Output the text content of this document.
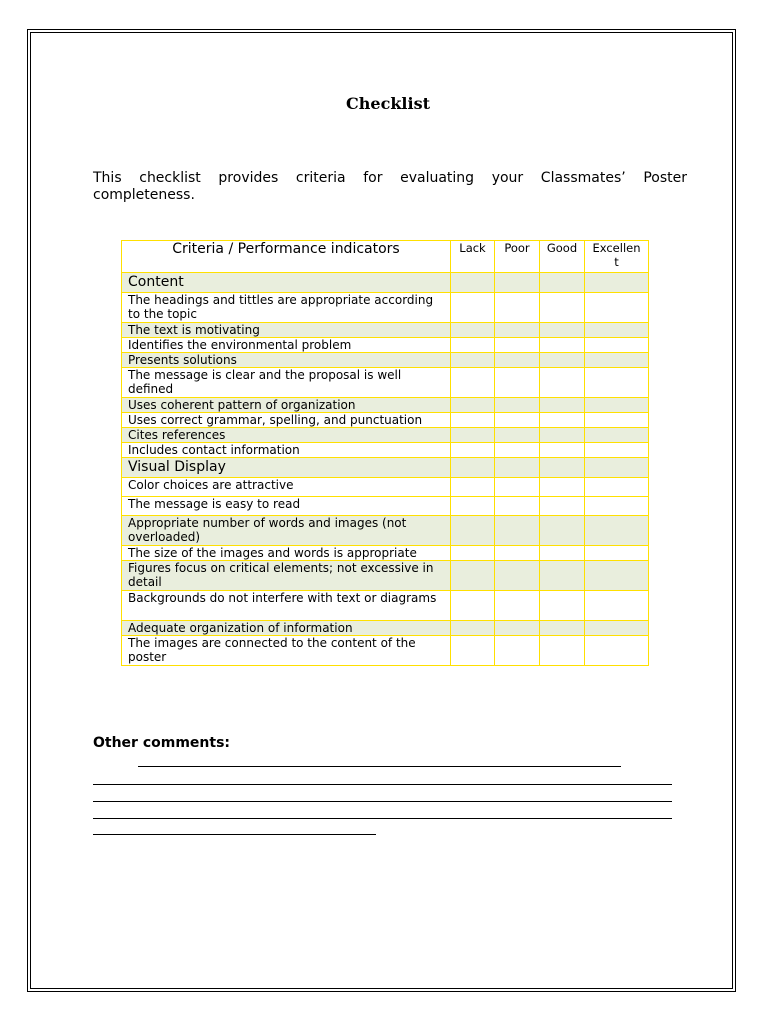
Checklist
This checklist provides criteria for evaluating your Classmates’ Poster completeness.
Criteria / Performance indicators	Lack	Poor	Good	Excellent
Content				
The headings and tittles are appropriate according to the topic				
The text is motivating				
Identifies the environmental problem				
Presents solutions				
The message is clear and the proposal is well defined				
Uses coherent pattern of organization				
Uses correct grammar, spelling, and punctuation				
Cites references				
Includes contact information				
Visual Display				
Color choices are attractive				
The message is easy to read				
Appropriate number of words and images (not overloaded)				
The size of the images and words is appropriate				
Figures focus on critical elements; not excessive in detail				
Backgrounds do not interfere with text or diagrams				
Adequate organization of information				
The images are connected to the content of the poster				
Other comments:
